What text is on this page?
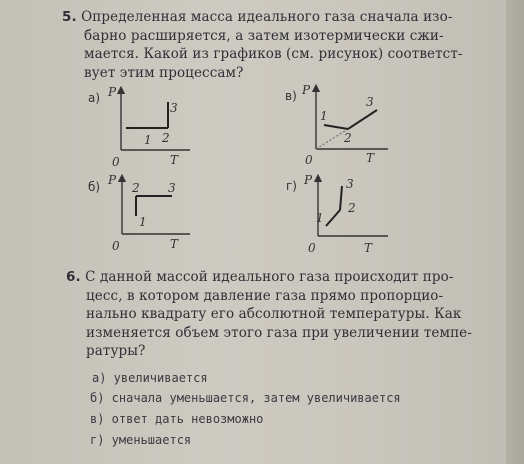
5. Определенная масса идеального газа сначала изо-
барно расширяется, а затем изотермически сжи-
мается. Какой из графиков (см. рисунок) соответст-
вует этим процессам?
а) P
3
1 2
0	T
в) P
3
1
2
0	T
б) P
2 3
1
0	T
г) P	3
2
1
0	T
6. С данной массой идеального газа происходит про-
цесс, в котором давление газа прямо пропорцио-
нально квадрату его абсолютной температуры. Как
изменяется объем этого газа при увеличении темпе-
ратуры?
а) увеличивается
б) сначала уменьшается, затем увеличивается
в) ответ дать невозможно
г) уменьшается
